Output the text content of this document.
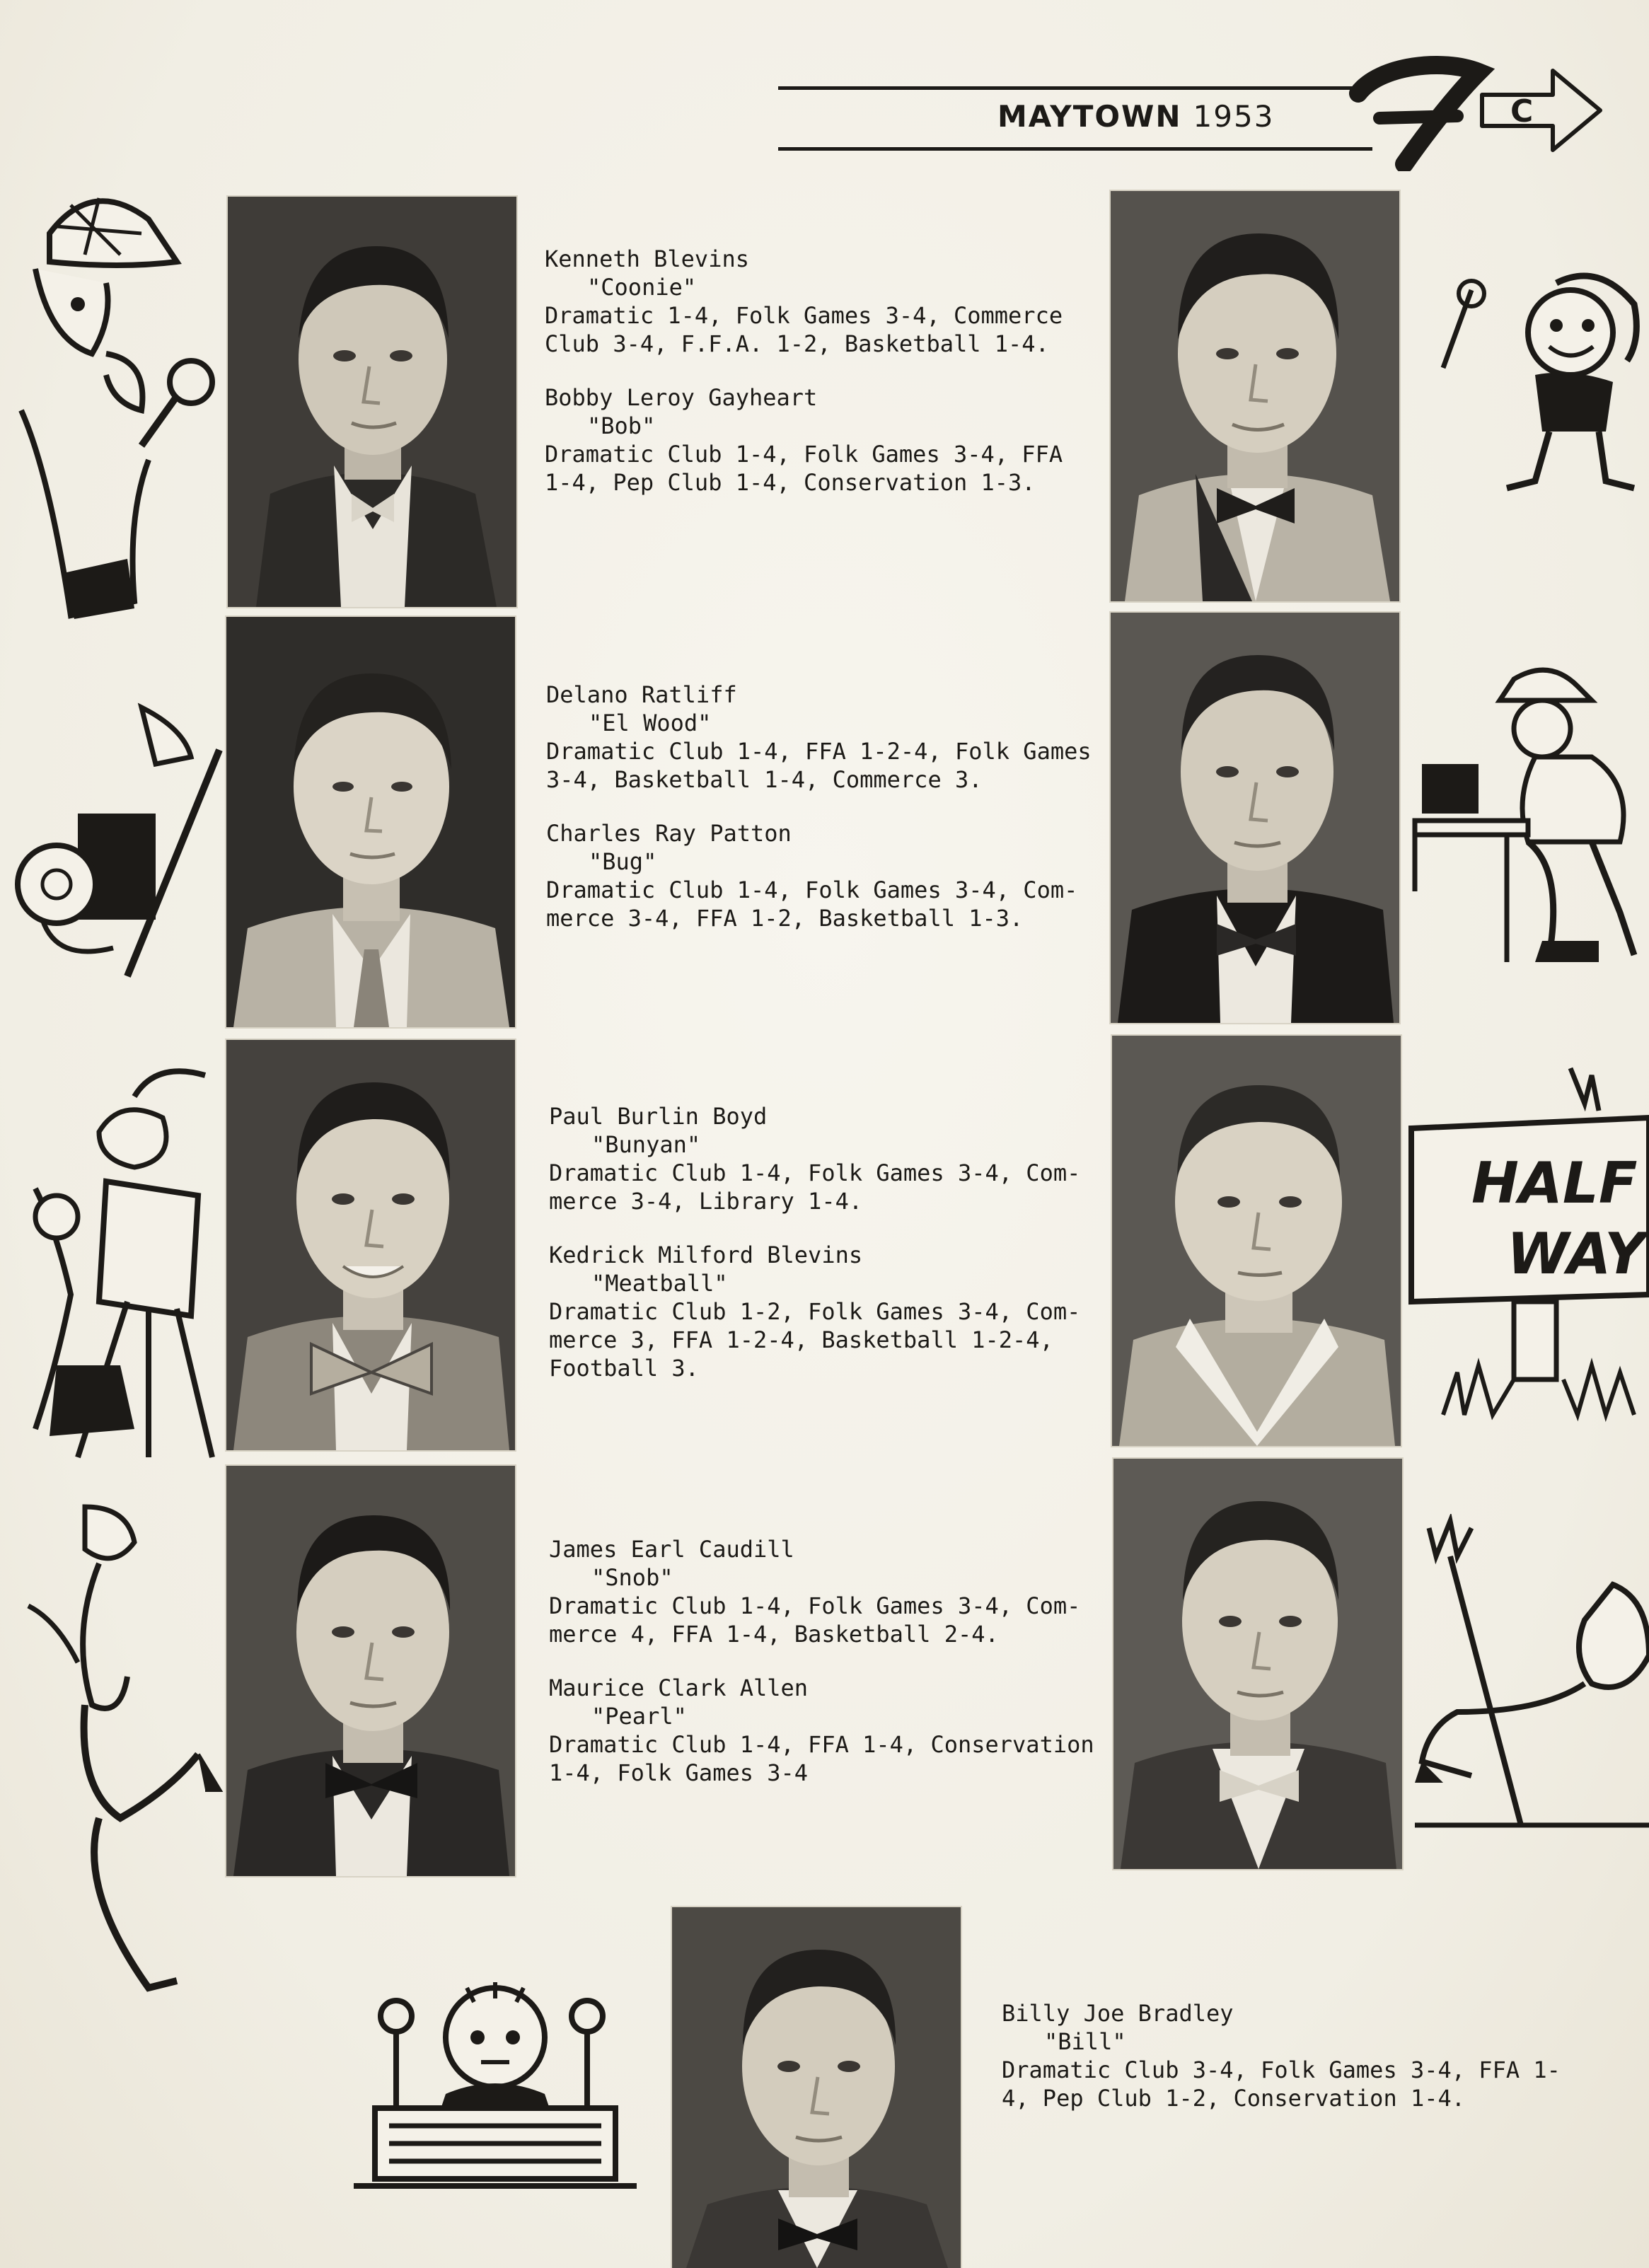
MAYTOWN 1953	C
Kenneth Blevins
"Coonie"
Dramatic 1-4, Folk Games 3-4, Commerce Club 3-4, F.F.A. 1-2, Basketball 1-4.
Bobby Leroy Gayheart
"Bob"
Dramatic Club 1-4, Folk Games 3-4, FFA 1-4, Pep Club 1-4, Conservation 1-3.
Delano Ratliff
"El Wood"
Dramatic Club 1-4, FFA 1-2-4, Folk Games 3-4, Basketball 1-4, Commerce 3.
Charles Ray Patton
"Bug"
Dramatic Club 1-4, Folk Games 3-4, Com-merce 3-4, FFA 1-2, Basketball 1-3.
Paul Burlin Boyd
"Bunyan"
Dramatic Club 1-4, Folk Games 3-4, Com-merce 3-4, Library 1-4.
Kedrick Milford Blevins
"Meatball"
Dramatic Club 1-2, Folk Games 3-4, Com-merce 3, FFA 1-2-4, Basketball 1-2-4, Football 3.
James Earl Caudill
"Snob"
Dramatic Club 1-4, Folk Games 3-4, Com-merce 4, FFA 1-4, Basketball 2-4.
Maurice Clark Allen
"Pearl"
Dramatic Club 1-4, FFA 1-4, Conservation 1-4, Folk Games 3-4
Billy Joe Bradley
"Bill"
Dramatic Club 3-4, Folk Games 3-4, FFA 1-4, Pep Club 1-2, Conservation 1-4.
HALF
WAY
